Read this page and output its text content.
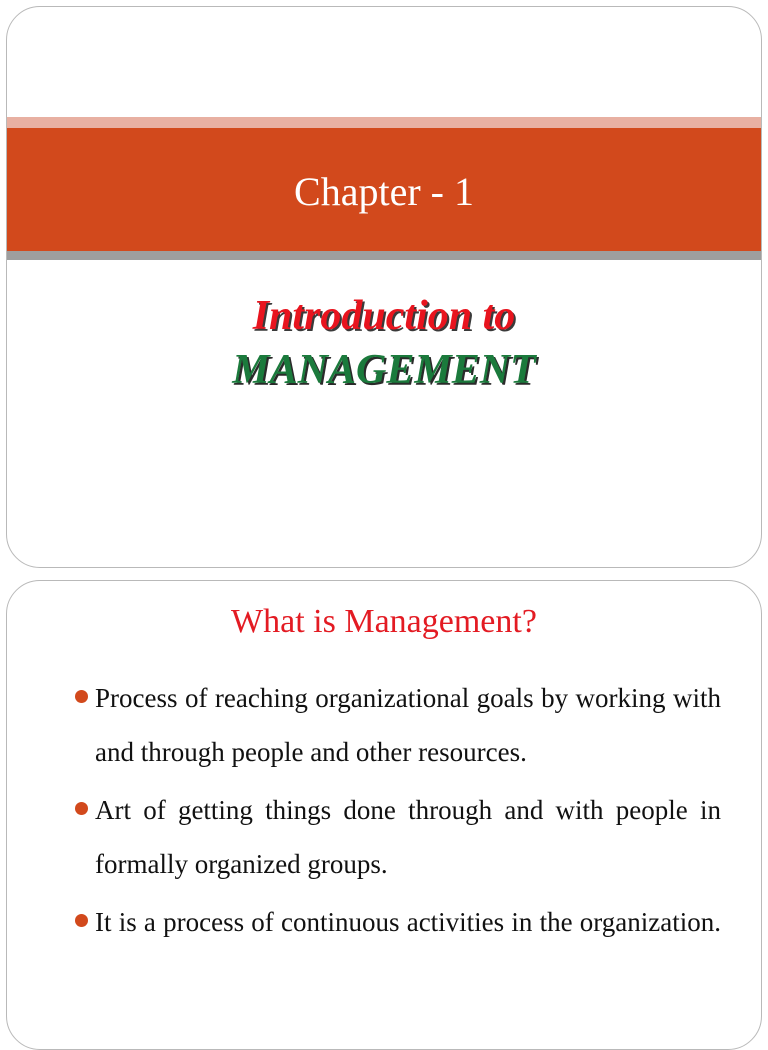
Chapter - 1
Introduction to
MANAGEMENT
What is Management?
Process of reaching organizational goals by working with and through people and other resources.
Art of getting things done through and with people in formally organized groups.
It is a process of continuous activities in the organization.
